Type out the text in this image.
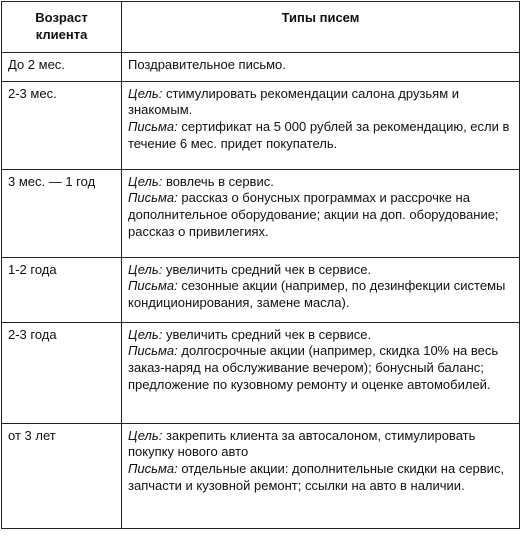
Возраст клиента	Типы писем
До 2 мес.	Поздравительное письмо.
2-3 мес.	Цель: стимулировать рекомендации салона друзьям и знакомым.
Письма: сертификат на 5 000 рублей за рекомендацию, если в течение 6 мес. придет покупатель.

3 мес. — 1 год	Цель: вовлечь в сервис.
Письма: рассказ о бонусных программах и рассрочке на дополнительное оборудование; акции на доп. оборудование; рассказ о привилегиях.

1-2 года	Цель: увеличить средний чек в сервисе.
Письма: сезонные акции (например, по дезинфекции системы кондиционирования, замене масла).

2-3 года	Цель: увеличить средний чек в сервисе.
Письма: долгосрочные акции (например, скидка 10% на весь заказ-наряд на обслуживание вечером); бонусный баланс; предложение по кузовному ремонту и оценке автомобилей.

от 3 лет	Цель: закрепить клиента за автосалоном, стимулировать покупку нового авто
Письма: отдельные акции: дополнительные скидки на сервис, запчасти и кузовной ремонт; ссылки на авто в наличии.
